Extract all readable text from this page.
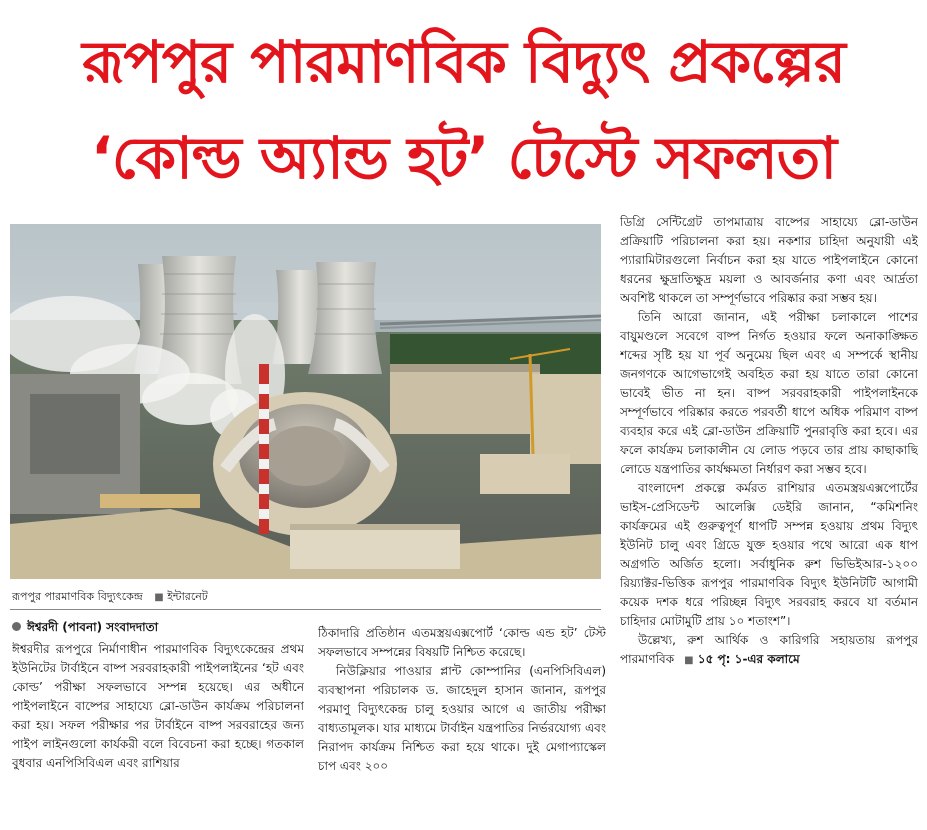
রূপপুর পারমাণবিক বিদ্যুৎ প্রকল্পের
‘কোল্ড অ্যান্ড হট’ টেস্টে সফলতা
রূপপুর পারমাণবিক বিদ্যুৎকেন্দ্র ■ ইন্টারনেট
ঈশ্বরদী (পাবনা) সংবাদদাতা

ঈশ্বরদীর রূপপুরে নির্মাণাধীন পারমাণবিক বিদ্যুৎকেন্দ্রের প্রথম ইউনিটের টার্বাইনে বাষ্প সরবরাহকারী পাইপলাইনের ‘হট এবং কোল্ড’ পরীক্ষা সফলভাবে সম্পন্ন হয়েছে। এর অধীনে পাইপলাইনে বাষ্পের সাহায্যে ব্লো-ডাউন কার্যক্রম পরিচালনা করা হয়। সফল পরীক্ষার পর টার্বাইনে বাষ্প সরবরাহের জন্য পাইপ লাইনগুলো কার্যকরী বলে বিবেচনা করা হচ্ছে। গতকাল বুধবার এনপিসিবিএল এবং রাশিয়ার

ঠিকাদারি প্রতিষ্ঠান এতমস্ত্রয়এক্সপোর্ট ‘কোল্ড এন্ড হট’ টেস্ট সফলভাবে সম্পন্নের বিষয়টি নিশ্চিত করেছে।

নিউক্লিয়ার পাওয়ার প্লান্ট কোম্পানির (এনপিসিবিএল) ব্যবস্থাপনা পরিচালক ড. জাহেদুল হাসান জানান, রূপপুর পরমাণু বিদ্যুৎকেন্দ্র চালু হওয়ার আগে এ জাতীয় পরীক্ষা বাধ্যতামূলক। যার মাধ্যমে টার্বাইন যন্ত্রপাতির নির্ভরযোগ্য এবং নিরাপদ কার্যক্রম নিশ্চিত করা হয়ে থাকে। দুই মেগাপ্যাস্কেল চাপ এবং ২০০

ডিগ্রি সেন্টিগ্রেট তাপমাত্রায় বাষ্পের সাহায্যে ব্লো-ডাউন প্রক্রিয়াটি পরিচালনা করা হয়। নকশার চাহিদা অনুযায়ী এই প্যারামিটারগুলো নির্বাচন করা হয় যাতে পাইপলাইনে কোনো ধরনের ক্ষুদ্রাতিক্ষুদ্র ময়লা ও আবর্জনার কণা এবং আর্দ্রতা অবশিষ্ট থাকলে তা সম্পূর্ণভাবে পরিষ্কার করা সম্ভব হয়।

তিনি আরো জানান, এই পরীক্ষা চলাকালে পাশের বায়ুমণ্ডলে সবেগে বাষ্প নির্গত হওয়ার ফলে অনাকাঙ্ক্ষিত শব্দের সৃষ্টি হয় যা পূর্ব অনুমেয় ছিল এবং এ সম্পর্কে স্থানীয় জনগণকে আগেভাগেই অবহিত করা হয় যাতে তারা কোনো ভাবেই ভীত না হন। বাষ্প সরবরাহকারী পাইপলাইনকে সম্পূর্ণভাবে পরিষ্কার করতে পরবর্তী ধাপে অধিক পরিমাণ বাষ্প ব্যবহার করে এই ব্লো-ডাউন প্রক্রিয়াটি পুনরাবৃত্তি করা হবে। এর ফলে কার্যক্রম চলাকালীন যে লোড পড়বে তার প্রায় কাছাকাছি লোডে যন্ত্রপাতির কার্যক্ষমতা নির্ধারণ করা সম্ভব হবে।

বাংলাদেশ প্রকল্পে কর্মরত রাশিয়ার এতমস্ত্রয়এক্সপোর্টের ভাইস-প্রেসিডেন্ট আলেক্সি ডেইরি জানান, “কমিশনিং কার্যক্রমের এই গুরুত্বপূর্ণ ধাপটি সম্পন্ন হওয়ায় প্রথম বিদ্যুৎ ইউনিট চালু এবং গ্রিডে যুক্ত হওয়ার পথে আরো এক ধাপ অগ্রগতি অর্জিত হলো। সর্বাধুনিক রুশ ভিভিইআর-১২০০ রিয়্যাক্টর-ভিত্তিক রূপপুর পারমাণবিক বিদ্যুৎ ইউনিটটি আগামী কয়েক দশক ধরে পরিচ্ছন্ন বিদ্যুৎ সরবরাহ করবে যা বর্তমান চাহিদার মোটামুটি প্রায় ১০ শতাংশ”।

উল্লেখ্য, রুশ আর্থিক ও কারিগরি সহায়তায় রূপপুর পারমাণবিক ■ ১৫ পৃ: ১-এর কলামে
